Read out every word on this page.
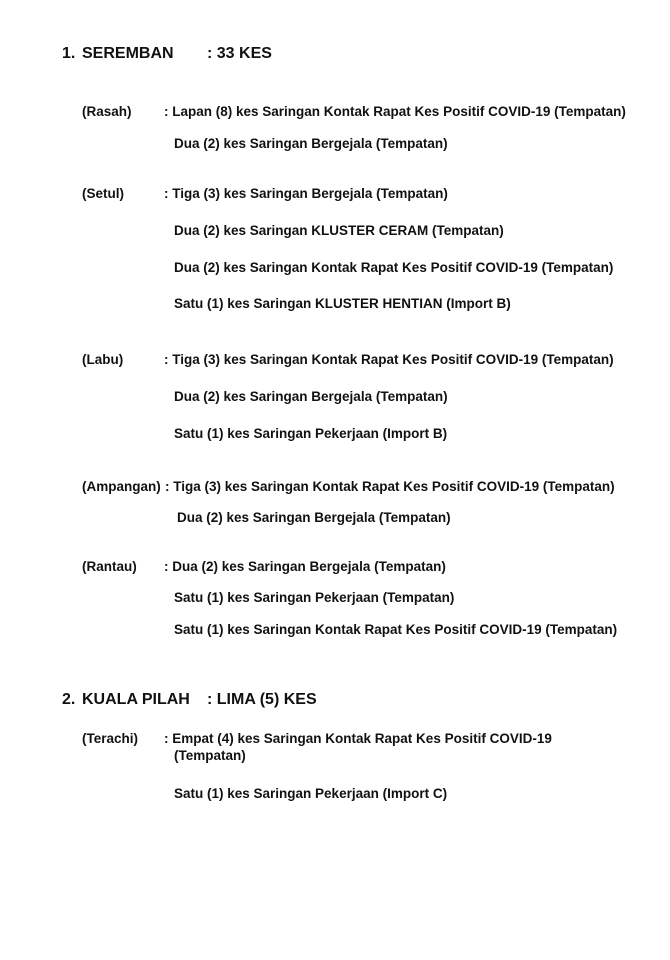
1. SEREMBAN : 33 KES
(Rasah) : Lapan (8) kes Saringan Kontak Rapat Kes Positif COVID-19 (Tempatan)
Dua (2) kes Saringan Bergejala (Tempatan)
(Setul)	: Tiga (3) kes Saringan Bergejala (Tempatan)
Dua (2) kes Saringan KLUSTER CERAM (Tempatan)
Dua (2) kes Saringan Kontak Rapat Kes Positif COVID-19 (Tempatan)
Satu (1) kes Saringan KLUSTER HENTIAN (Import B)
(Labu)	: Tiga (3) kes Saringan Kontak Rapat Kes Positif COVID-19 (Tempatan)
Dua (2) kes Saringan Bergejala (Tempatan)
Satu (1) kes Saringan Pekerjaan (Import B)
(Ampangan) : Tiga (3) kes Saringan Kontak Rapat Kes Positif COVID-19 (Tempatan)
Dua (2) kes Saringan Bergejala (Tempatan)
(Rantau) : Dua (2) kes Saringan Bergejala (Tempatan)
Satu (1) kes Saringan Pekerjaan (Tempatan)
Satu (1) kes Saringan Kontak Rapat Kes Positif COVID-19 (Tempatan)
2. KUALA PILAH : LIMA (5) KES
(Terachi) : Empat (4) kes Saringan Kontak Rapat Kes Positif COVID-19 (Tempatan)
Satu (1) kes Saringan Pekerjaan (Import C)
